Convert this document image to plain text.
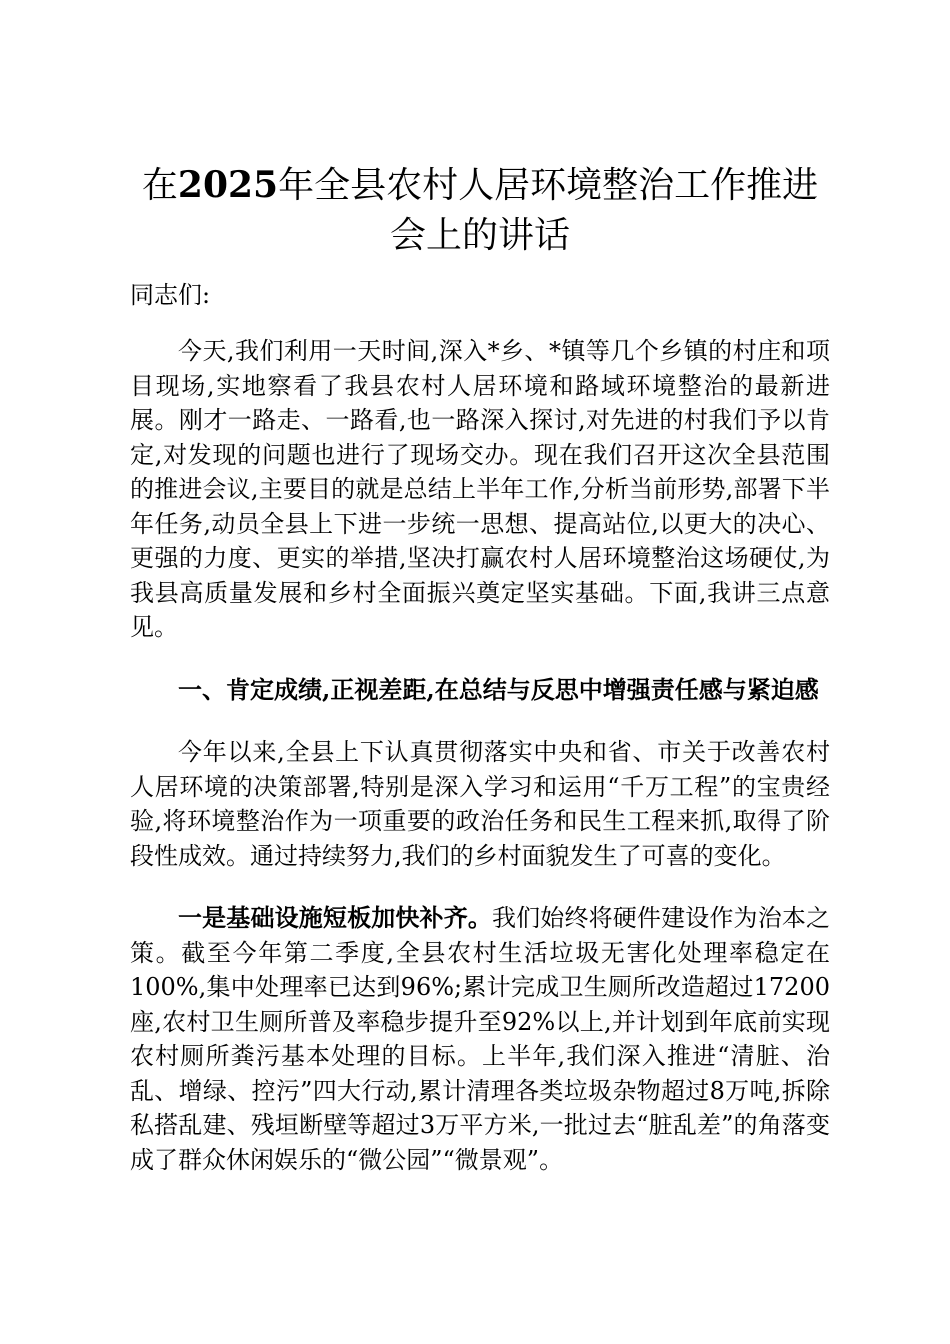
在2025年全县农村人居环境整治工作推进会上的讲话

同志们:

今天,我们利用一天时间,深入*乡、*镇等几个乡镇的村庄和项目现场,实地察看了我县农村人居环境和路域环境整治的最新进展。刚才一路走、一路看,也一路深入探讨,对先进的村我们予以肯定,对发现的问题也进行了现场交办。现在我们召开这次全县范围的推进会议,主要目的就是总结上半年工作,分析当前形势,部署下半年任务,动员全县上下进一步统一思想、提高站位,以更大的决心、更强的力度、更实的举措,坚决打赢农村人居环境整治这场硬仗,为我县高质量发展和乡村全面振兴奠定坚实基础。下面,我讲三点意见。

一、肯定成绩,正视差距,在总结与反思中增强责任感与紧迫感

今年以来,全县上下认真贯彻落实中央和省、市关于改善农村人居环境的决策部署,特别是深入学习和运用“千万工程”的宝贵经验,将环境整治作为一项重要的政治任务和民生工程来抓,取得了阶段性成效。通过持续努力,我们的乡村面貌发生了可喜的变化。

一是基础设施短板加快补齐。我们始终将硬件建设作为治本之策。截至今年第二季度,全县农村生活垃圾无害化处理率稳定在100%,集中处理率已达到96%;累计完成卫生厕所改造超过17200座,农村卫生厕所普及率稳步提升至92%以上,并计划到年底前实现农村厕所粪污基本处理的目标。上半年,我们深入推进“清脏、治乱、增绿、控污”四大行动,累计清理各类垃圾杂物超过8万吨,拆除私搭乱建、残垣断壁等超过3万平方米,一批过去“脏乱差”的角落变成了群众休闲娱乐的“微公园”“微景观”。
